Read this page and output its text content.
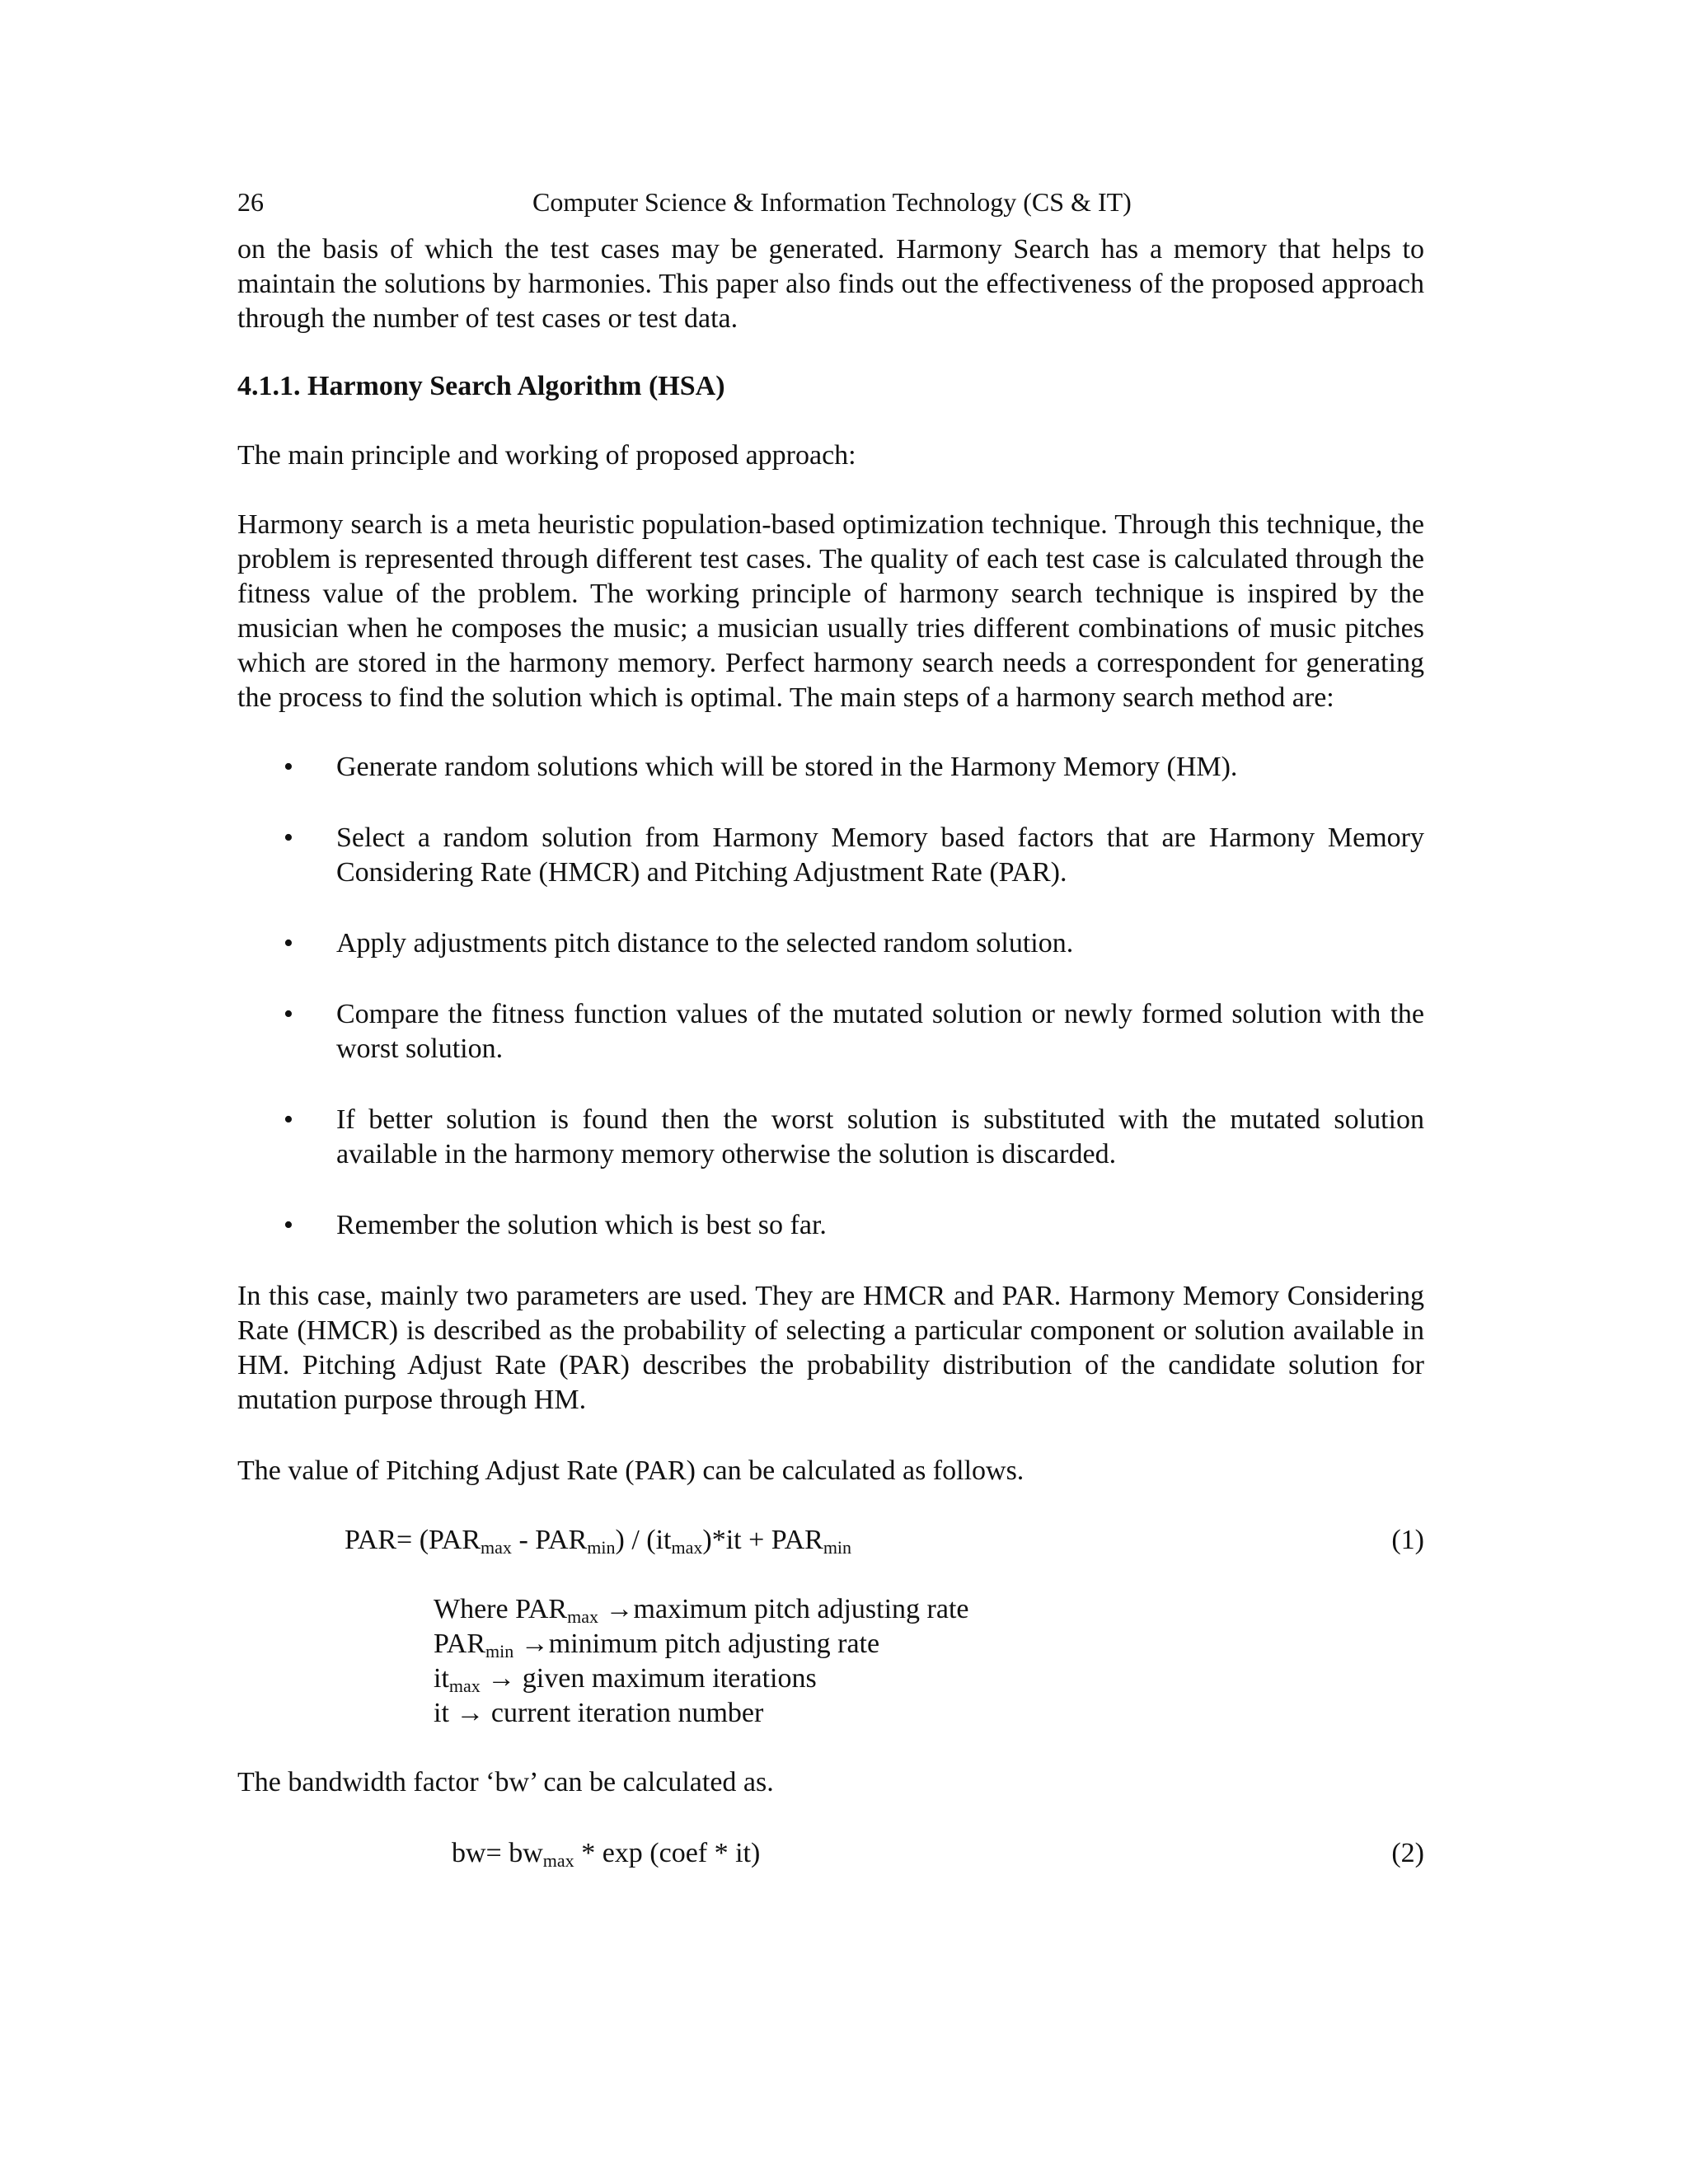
26	Computer Science & Information Technology (CS & IT)

on the basis of which the test cases may be generated. Harmony Search has a memory that helps to maintain the solutions by harmonies. This paper also finds out the effectiveness of the proposed approach through the number of test cases or test data.

4.1.1. Harmony Search Algorithm (HSA)

The main principle and working of proposed approach:

Harmony search is a meta heuristic population-based optimization technique. Through this technique, the problem is represented through different test cases. The quality of each test case is calculated through the fitness value of the problem. The working principle of harmony search technique is inspired by the musician when he composes the music; a musician usually tries different combinations of music pitches which are stored in the harmony memory. Perfect harmony search needs a correspondent for generating the process to find the solution which is optimal. The main steps of a harmony search method are:

• Generate random solutions which will be stored in the Harmony Memory (HM).
• Select a random solution from Harmony Memory based factors that are Harmony Memory Considering Rate (HMCR) and Pitching Adjustment Rate (PAR).
• Apply adjustments pitch distance to the selected random solution.
• Compare the fitness function values of the mutated solution or newly formed solution with the worst solution.
• If better solution is found then the worst solution is substituted with the mutated solution available in the harmony memory otherwise the solution is discarded.
• Remember the solution which is best so far.

In this case, mainly two parameters are used. They are HMCR and PAR. Harmony Memory Considering Rate (HMCR) is described as the probability of selecting a particular component or solution available in HM. Pitching Adjust Rate (PAR) describes the probability distribution of the candidate solution for mutation purpose through HM.

The value of Pitching Adjust Rate (PAR) can be calculated as follows.

$PAR= (PAR_{max} - PAR_{min}) / (it_{max})*it + PAR_{min}$	(1)
Where $PAR_{max}$ →maximum pitch adjusting rate
$PAR_{min}$ →minimum pitch adjusting rate
$it_{max}$ → given maximum iterations
it → current iteration number

The bandwidth factor ‘bw’ can be calculated as.

$bw= bw_{max} * \exp$ (coef * it)	(2)
